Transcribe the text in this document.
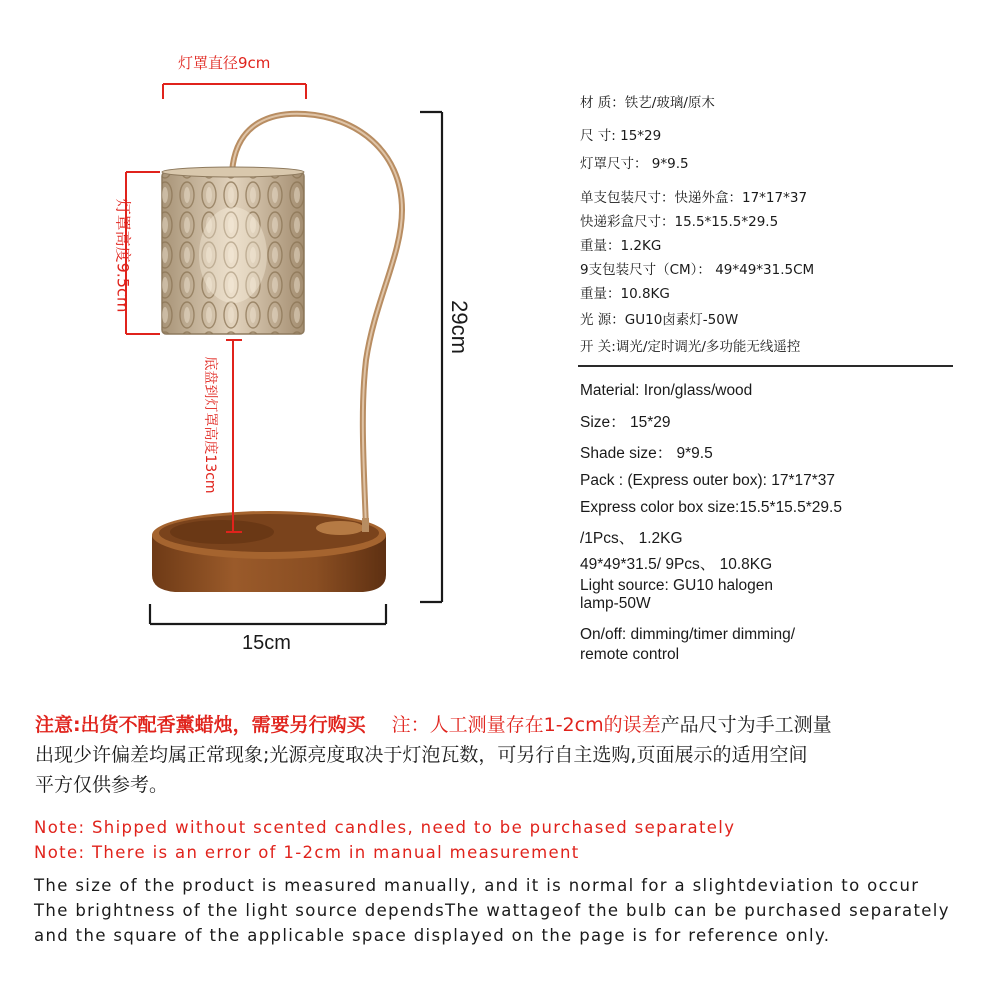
灯罩直径9cm
灯罩高度9.5cm
底盘到灯罩高度13cm
29cm
15cm
材 质：铁艺/玻璃/原木
尺 寸: 15*29
灯罩尺寸： 9*9.5
单支包装尺寸：快递外盒：17*17*37
快递彩盒尺寸：15.5*15.5*29.5
重量：1.2KG
9支包装尺寸（CM）： 49*49*31.5CM
重量：10.8KG
光 源：GU10卤素灯-50W
开 关:调光/定时调光/多功能无线遥控
Material: Iron/glass/wood
Size： 15*29
Shade size： 9*9.5
Pack : (Express outer box): 17*17*37
Express color box size:15.5*15.5*29.5
/1Pcs、 1.2KG
49*49*31.5/ 9Pcs、 10.8KG
Light source: GU10 halogen
lamp-50W
On/off: dimming/timer dimming/
remote control
注意:出货不配香薰蜡烛，需要另行购买 注：人工测量存在1-2cm的误差产品尺寸为手工测量
出现少许偏差均属正常现象;光源亮度取决于灯泡瓦数，可另行自主选购,页面展示的适用空间
平方仅供参考。
Note: Shipped without scented candles, need to be purchased separately
Note: There is an error of 1-2cm in manual measurement
The size of the product is measured manually, and it is normal for a slightdeviation to occur
The brightness of the light source dependsThe wattageof the bulb can be purchased separately
and the square of the applicable space displayed on the page is for reference only.
